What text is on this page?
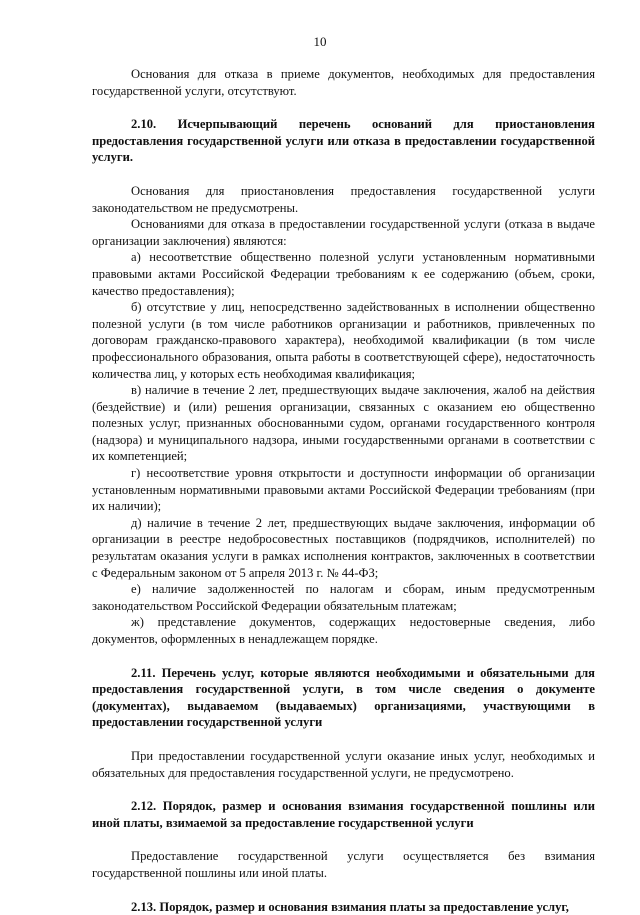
10

Основания для отказа в приеме документов, необходимых для предоставления государственной услуги, отсутствуют.

2.10. Исчерпывающий перечень оснований для приостановления предоставления государственной услуги или отказа в предоставлении государственной услуги.

Основания для приостановления предоставления государственной услуги законодательством не предусмотрены.

Основаниями для отказа в предоставлении государственной услуги (отказа в выдаче организации заключения) являются:

а) несоответствие общественно полезной услуги установленным нормативными правовыми актами Российской Федерации требованиям к ее содержанию (объем, сроки, качество предоставления);

б) отсутствие у лиц, непосредственно задействованных в исполнении общественно полезной услуги (в том числе работников организации и работников, привлеченных по договорам гражданско-правового характера), необходимой квалификации (в том числе профессионального образования, опыта работы в соответствующей сфере), недостаточность количества лиц, у которых есть необходимая квалификация;

в) наличие в течение 2 лет, предшествующих выдаче заключения, жалоб на действия (бездействие) и (или) решения организации, связанных с оказанием ею общественно полезных услуг, признанных обоснованными судом, органами государственного контроля (надзора) и муниципального надзора, иными государственными органами в соответствии с их компетенцией;

г) несоответствие уровня открытости и доступности информации об организации установленным нормативными правовыми актами Российской Федерации требованиям (при их наличии);

д) наличие в течение 2 лет, предшествующих выдаче заключения, информации об организации в реестре недобросовестных поставщиков (подрядчиков, исполнителей) по результатам оказания услуги в рамках исполнения контрактов, заключенных в соответствии с Федеральным законом от 5 апреля 2013 г. № 44-ФЗ;

е) наличие задолженностей по налогам и сборам, иным предусмотренным законодательством Российской Федерации обязательным платежам;

ж) представление документов, содержащих недостоверные сведения, либо документов, оформленных в ненадлежащем порядке.

2.11. Перечень услуг, которые являются необходимыми и обязательными для предоставления государственной услуги, в том числе сведения о документе (документах), выдаваемом (выдаваемых) организациями, участвующими в предоставлении государственной услуги

При предоставлении государственной услуги оказание иных услуг, необходимых и обязательных для предоставления государственной услуги, не предусмотрено.

2.12. Порядок, размер и основания взимания государственной пошлины или иной платы, взимаемой за предоставление государственной услуги

Предоставление государственной услуги осуществляется без взимания государственной пошлины или иной платы.

2.13. Порядок, размер и основания взимания платы за предоставление услуг,
